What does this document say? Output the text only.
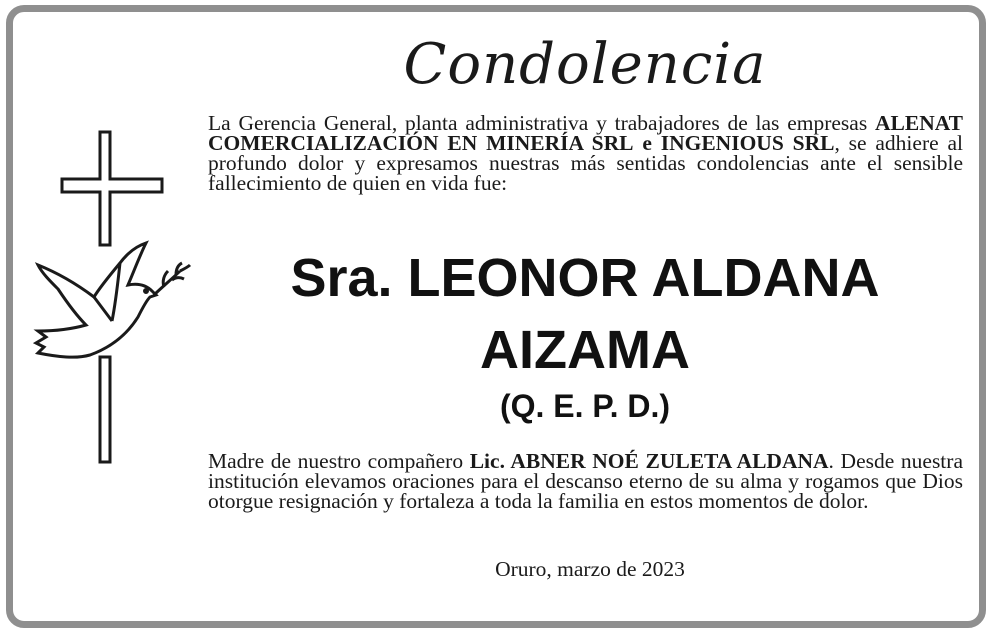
Condolencia
La Gerencia General, planta administrativa y trabajadores de las empresas ALENAT COMERCIALIZACIÓN EN MINERÍA SRL e INGENIOUS SRL, se adhiere al profundo dolor y expresamos nuestras más sentidas condolencias ante el sensible fallecimiento de quien en vida fue:
Sra. LEONOR ALDANA
AIZAMA
(Q. E. P. D.)
Madre de nuestro compañero Lic. ABNER NOÉ ZULETA ALDANA. Desde nuestra institución elevamos oraciones para el descanso eterno de su alma y rogamos que Dios otorgue resignación y fortaleza a toda la familia en estos momentos de dolor.
Oruro, marzo de 2023
